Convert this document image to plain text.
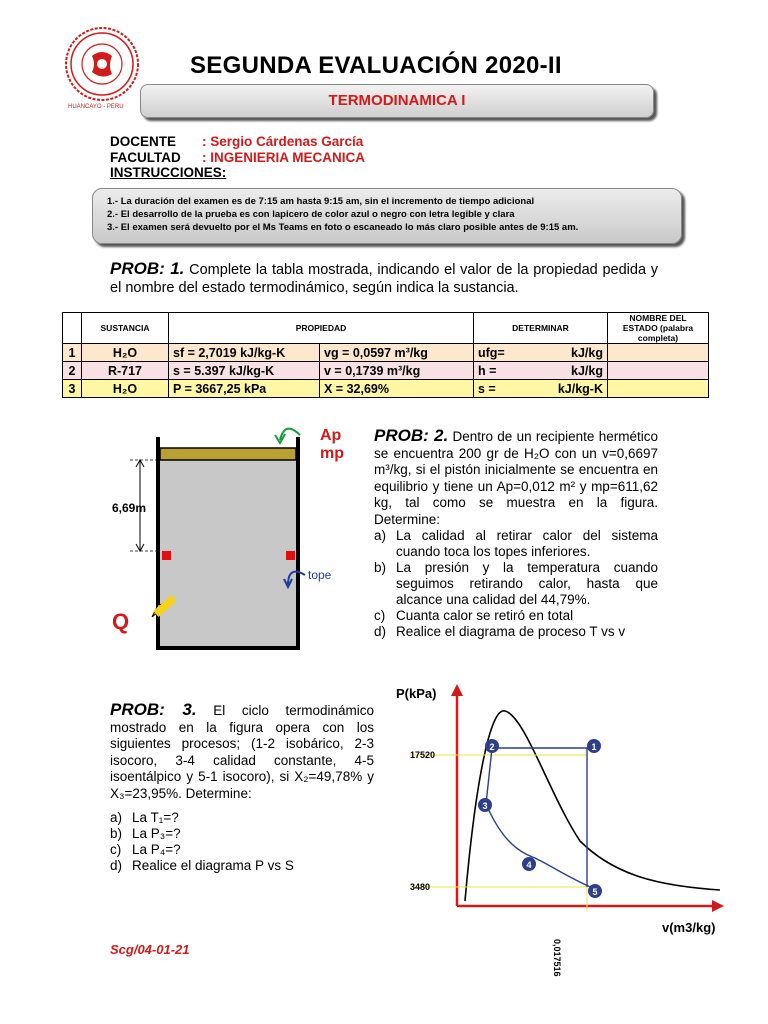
HUANCAYO - PERU
SEGUNDA EVALUACIÓN 2020-II
TERMODINAMICA I
DOCENTE : Sergio Cárdenas García
FACULTAD : INGENIERIA MECANICA
INSTRUCCIONES:
1.- La duración del examen es de 7:15 am hasta 9:15 am, sin el incremento de tiempo adicional
2.- El desarrollo de la prueba es con lapicero de color azul o negro con letra legible y clara
3.- El examen será devuelto por el Ms Teams en foto o escaneado lo más claro posible antes de 9:15 am.
PROB: 1. Complete la tabla mostrada, indicando el valor de la propiedad pedida y el nombre del estado termodinámico, según indica la sustancia.
	SUSTANCIA	PROPIEDAD		DETERMINAR	NOMBRE DEL ESTADO (palabra completa)
1	H₂O	sf = 2,7019 kJ/kg-K	vg = 0,0597 m³/kg	ufg= kJ/kg	

2	R-717	s = 5.397 kJ/kg-K	v = 0,1739 m³/kg	h = kJ/kg	

3	H₂O	P = 3667,25 kPa	X = 32,69%	s = kJ/kg-K	

Ap
mp
6,69m
tope
Q
PROB: 2. Dentro de un recipiente hermético se encuentra 200 gr de H₂O con un v=0,6697 m³/kg, si el pistón inicialmente se encuentra en equilibrio y tiene un Ap=0,012 m² y mp=611,62 kg, tal como se muestra en la figura. Determine:
a) La calidad al retirar calor del sistema cuando toca los topes inferiores.
b) La presión y la temperatura cuando seguimos retirando calor, hasta que alcance una calidad del 44,79%.
c) Cuanta calor se retiró en total
d) Realice el diagrama de proceso T vs v
PROB: 3. El ciclo termodinámico mostrado en la figura opera con los siguientes procesos; (1-2 isobárico, 2-3 isocoro, 3-4 calidad constante, 4-5 isoentálpico y 5-1 isocoro), si X₂=49,78% y X₃=23,95%. Determine:
a) La T₁=?
b) La P₃=?
c) La P₄=?
d) Realice el diagrama P vs S
2	1
3
4
5
P(kPa)
17520
3480
v(m3/kg)
0,017516
Scg/04-01-21
